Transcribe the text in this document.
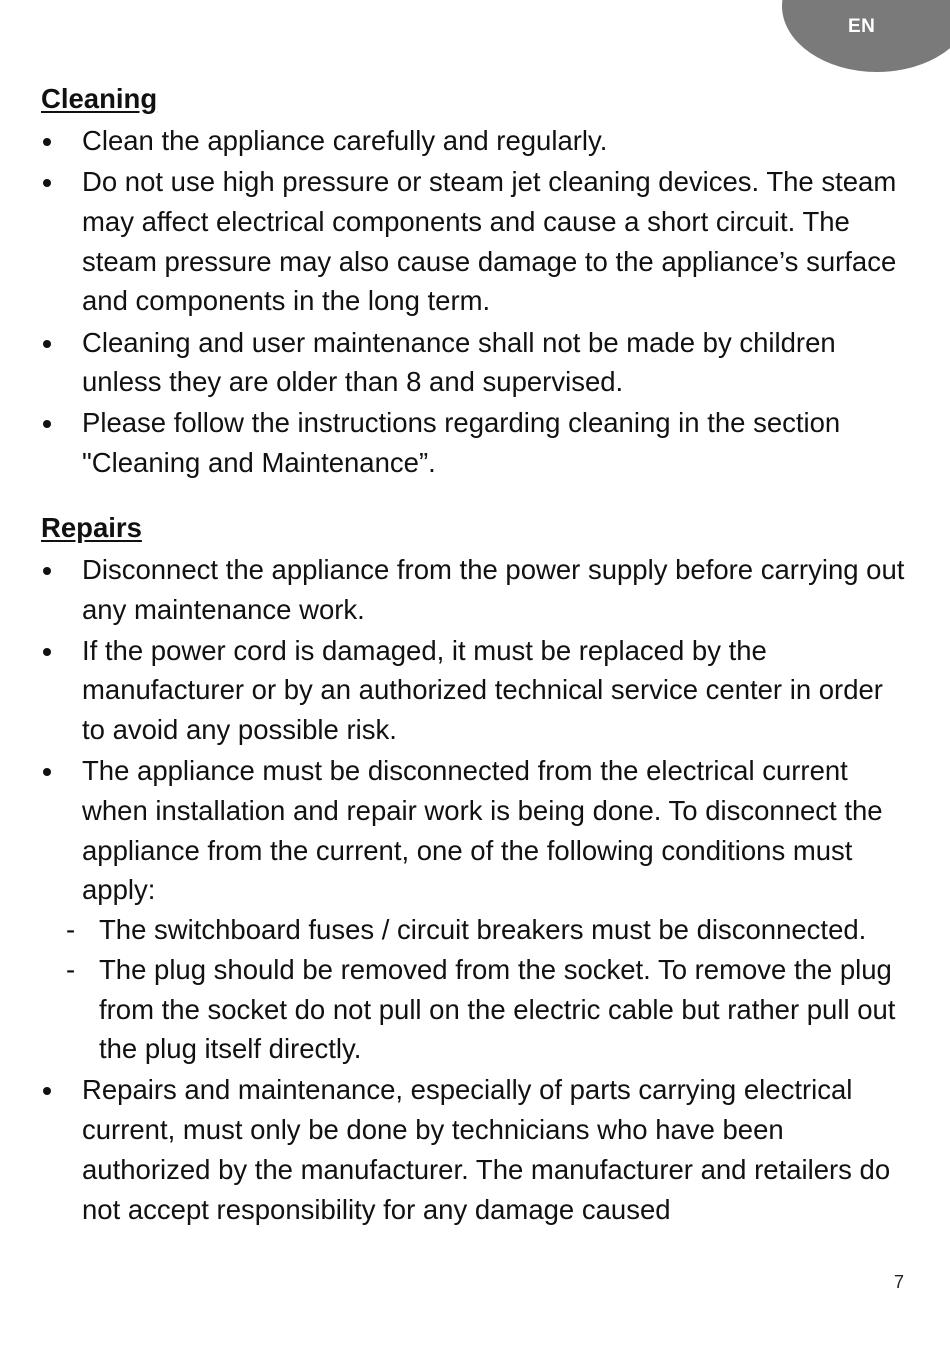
EN
Cleaning
Clean the appliance carefully and regularly.
Do not use high pressure or steam jet cleaning devices. The steam may affect electrical components and cause a short circuit. The steam pressure may also cause damage to the appliance’s surface and components in the long term.
Cleaning and user maintenance shall not be made by children unless they are older than 8 and supervised.
Please follow the instructions regarding cleaning in the section "Cleaning and Maintenance”.
Repairs
Disconnect the appliance from the power supply before carrying out any maintenance work.
If the power cord is damaged, it must be replaced by the manufacturer or by an authorized technical service center in order to avoid any possible risk.
The appliance must be disconnected from the electrical current when installation and repair work is being done. To disconnect the appliance from the current, one of the following conditions must apply:
- The switchboard fuses / circuit breakers must be disconnected.
- The plug should be removed from the socket. To remove the plug from the socket do not pull on the electric cable but rather pull out the plug itself directly.
Repairs and maintenance, especially of parts carrying electrical current, must only be done by technicians who have been authorized by the manufacturer. The manufacturer and retailers do not accept responsibility for any damage caused
7
